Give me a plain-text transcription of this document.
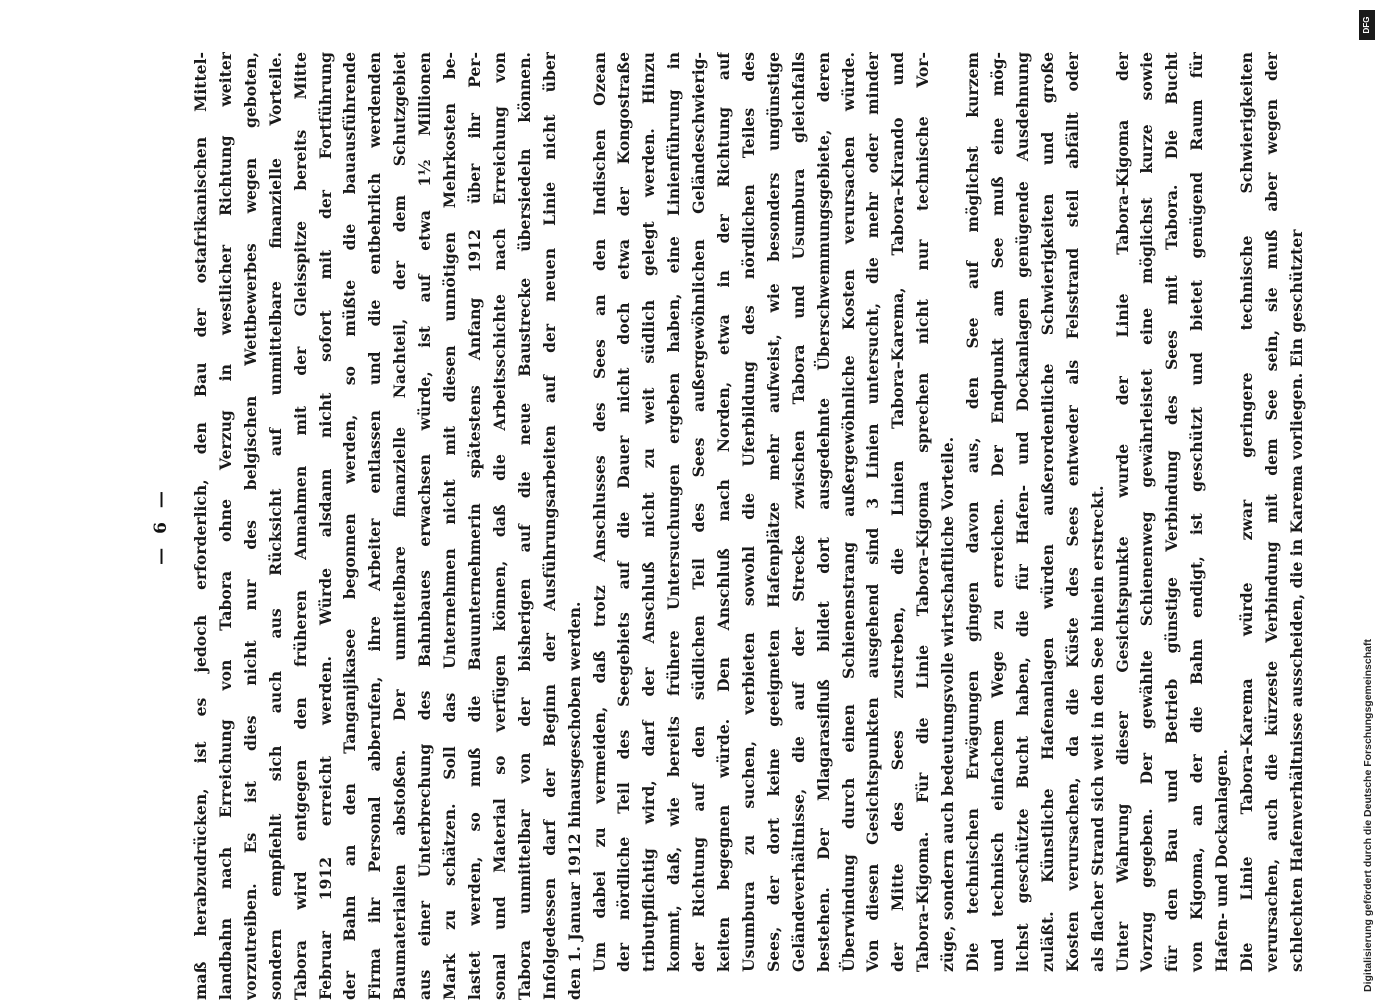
— 6 —	maß herabzudrücken, ist es jedoch erforderlich, den Bau der ostafrikanischen Mittel- landbahn nach Erreichung von Tabora ohne Verzug in westlicher Richtung weiter vorzutreiben. Es ist dies nicht nur des belgischen Wettbewerbes wegen geboten, sondern empfiehlt sich auch aus Rücksicht auf unmittelbare finanzielle Vorteile. Tabora wird entgegen den früheren Annahmen mit der Gleisspitze bereits Mitte Februar 1912 erreicht werden. Würde alsdann nicht sofort mit der Fortführung der Bahn an den Tanganjikasee begonnen werden, so müßte die bauausführende Firma ihr Personal abberufen, ihre Arbeiter entlassen und die entbehrlich werdenden Baumaterialien abstoßen. Der unmittelbare finanzielle Nachteil, der dem Schutzgebiet aus einer Unterbrechung des Bahnbaues erwachsen würde, ist auf etwa 1½ Millionen Mark zu schätzen. Soll das Unternehmen nicht mit diesen unnötigen Mehrkosten be- lastet werden, so muß die Bauunternehmerin spätestens Anfang 1912 über ihr Per- sonal und Material so verfügen können, daß die Arbeitsschichte nach Erreichung von Tabora unmittelbar von der bisherigen auf die neue Baustrecke übersiedeln können. Infolgedessen darf der Beginn der Ausführungsarbeiten auf der neuen Linie nicht über den 1. Januar 1912 hinausgeschoben werden. Um dabei zu vermeiden, daß trotz Anschlusses des Sees an den Indischen Ozean der nördliche Teil des Seegebiets auf die Dauer nicht doch etwa der Kongostraße tributpflichtig wird, darf der Anschluß nicht zu weit südlich gelegt werden. Hinzu kommt, daß, wie bereits frühere Untersuchungen ergeben haben, eine Linienführung in der Richtung auf den südlichen Teil des Sees außergewöhnlichen Geländeschwierig- keiten begegnen würde. Den Anschluß nach Norden, etwa in der Richtung auf Usumbura zu suchen, verbieten sowohl die Uferbildung des nördlichen Teiles des Sees, der dort keine geeigneten Hafenplätze mehr aufweist, wie besonders ungünstige Geländeverhältnisse, die auf der Strecke zwischen Tabora und Usumbura gleichfalls bestehen. Der Mlagarasifluß bildet dort ausgedehnte Überschwemmungsgebiete, deren Überwindung durch einen Schienenstrang außergewöhnliche Kosten verursachen würde. Von diesen Gesichtspunkten ausgehend sind 3 Linien untersucht, die mehr oder minder der Mitte des Sees zustreben, die Linien Tabora–Karema, Tabora–Kirando und Tabora–Kigoma. Für die Linie Tabora–Kigoma sprechen nicht nur technische Vor- züge, sondern auch bedeutungsvolle wirtschaftliche Vorteile. Die technischen Erwägungen gingen davon aus, den See auf möglichst kurzem und technisch einfachem Wege zu erreichen. Der Endpunkt am See muß eine mög- lichst geschützte Bucht haben, die für Hafen- und Dockanlagen genügende Ausdehnung zuläßt. Künstliche Hafenanlagen würden außerordentliche Schwierigkeiten und große Kosten verursachen, da die Küste des Sees entweder als Felsstrand steil abfällt oder als flacher Strand sich weit in den See hinein erstreckt. Unter Wahrung dieser Gesichtspunkte wurde der Linie Tabora–Kigoma der Vorzug gegeben. Der gewählte Schienenweg gewährleistet eine möglichst kurze sowie für den Bau und Betrieb günstige Verbindung des Sees mit Tabora. Die Bucht von Kigoma, an der die Bahn endigt, ist geschützt und bietet genügend Raum für Hafen- und Dockanlagen. Die Linie Tabora–Karema würde zwar geringere technische Schwierigkeiten verursachen, auch die kürzeste Verbindung mit dem See sein, sie muß aber wegen der schlechten Hafenverhältnisse ausscheiden, die in Karema vorliegen. Ein geschützter	Digitalisierung gefördert durch die Deutsche Forschungsgemeinschaft
DFG
